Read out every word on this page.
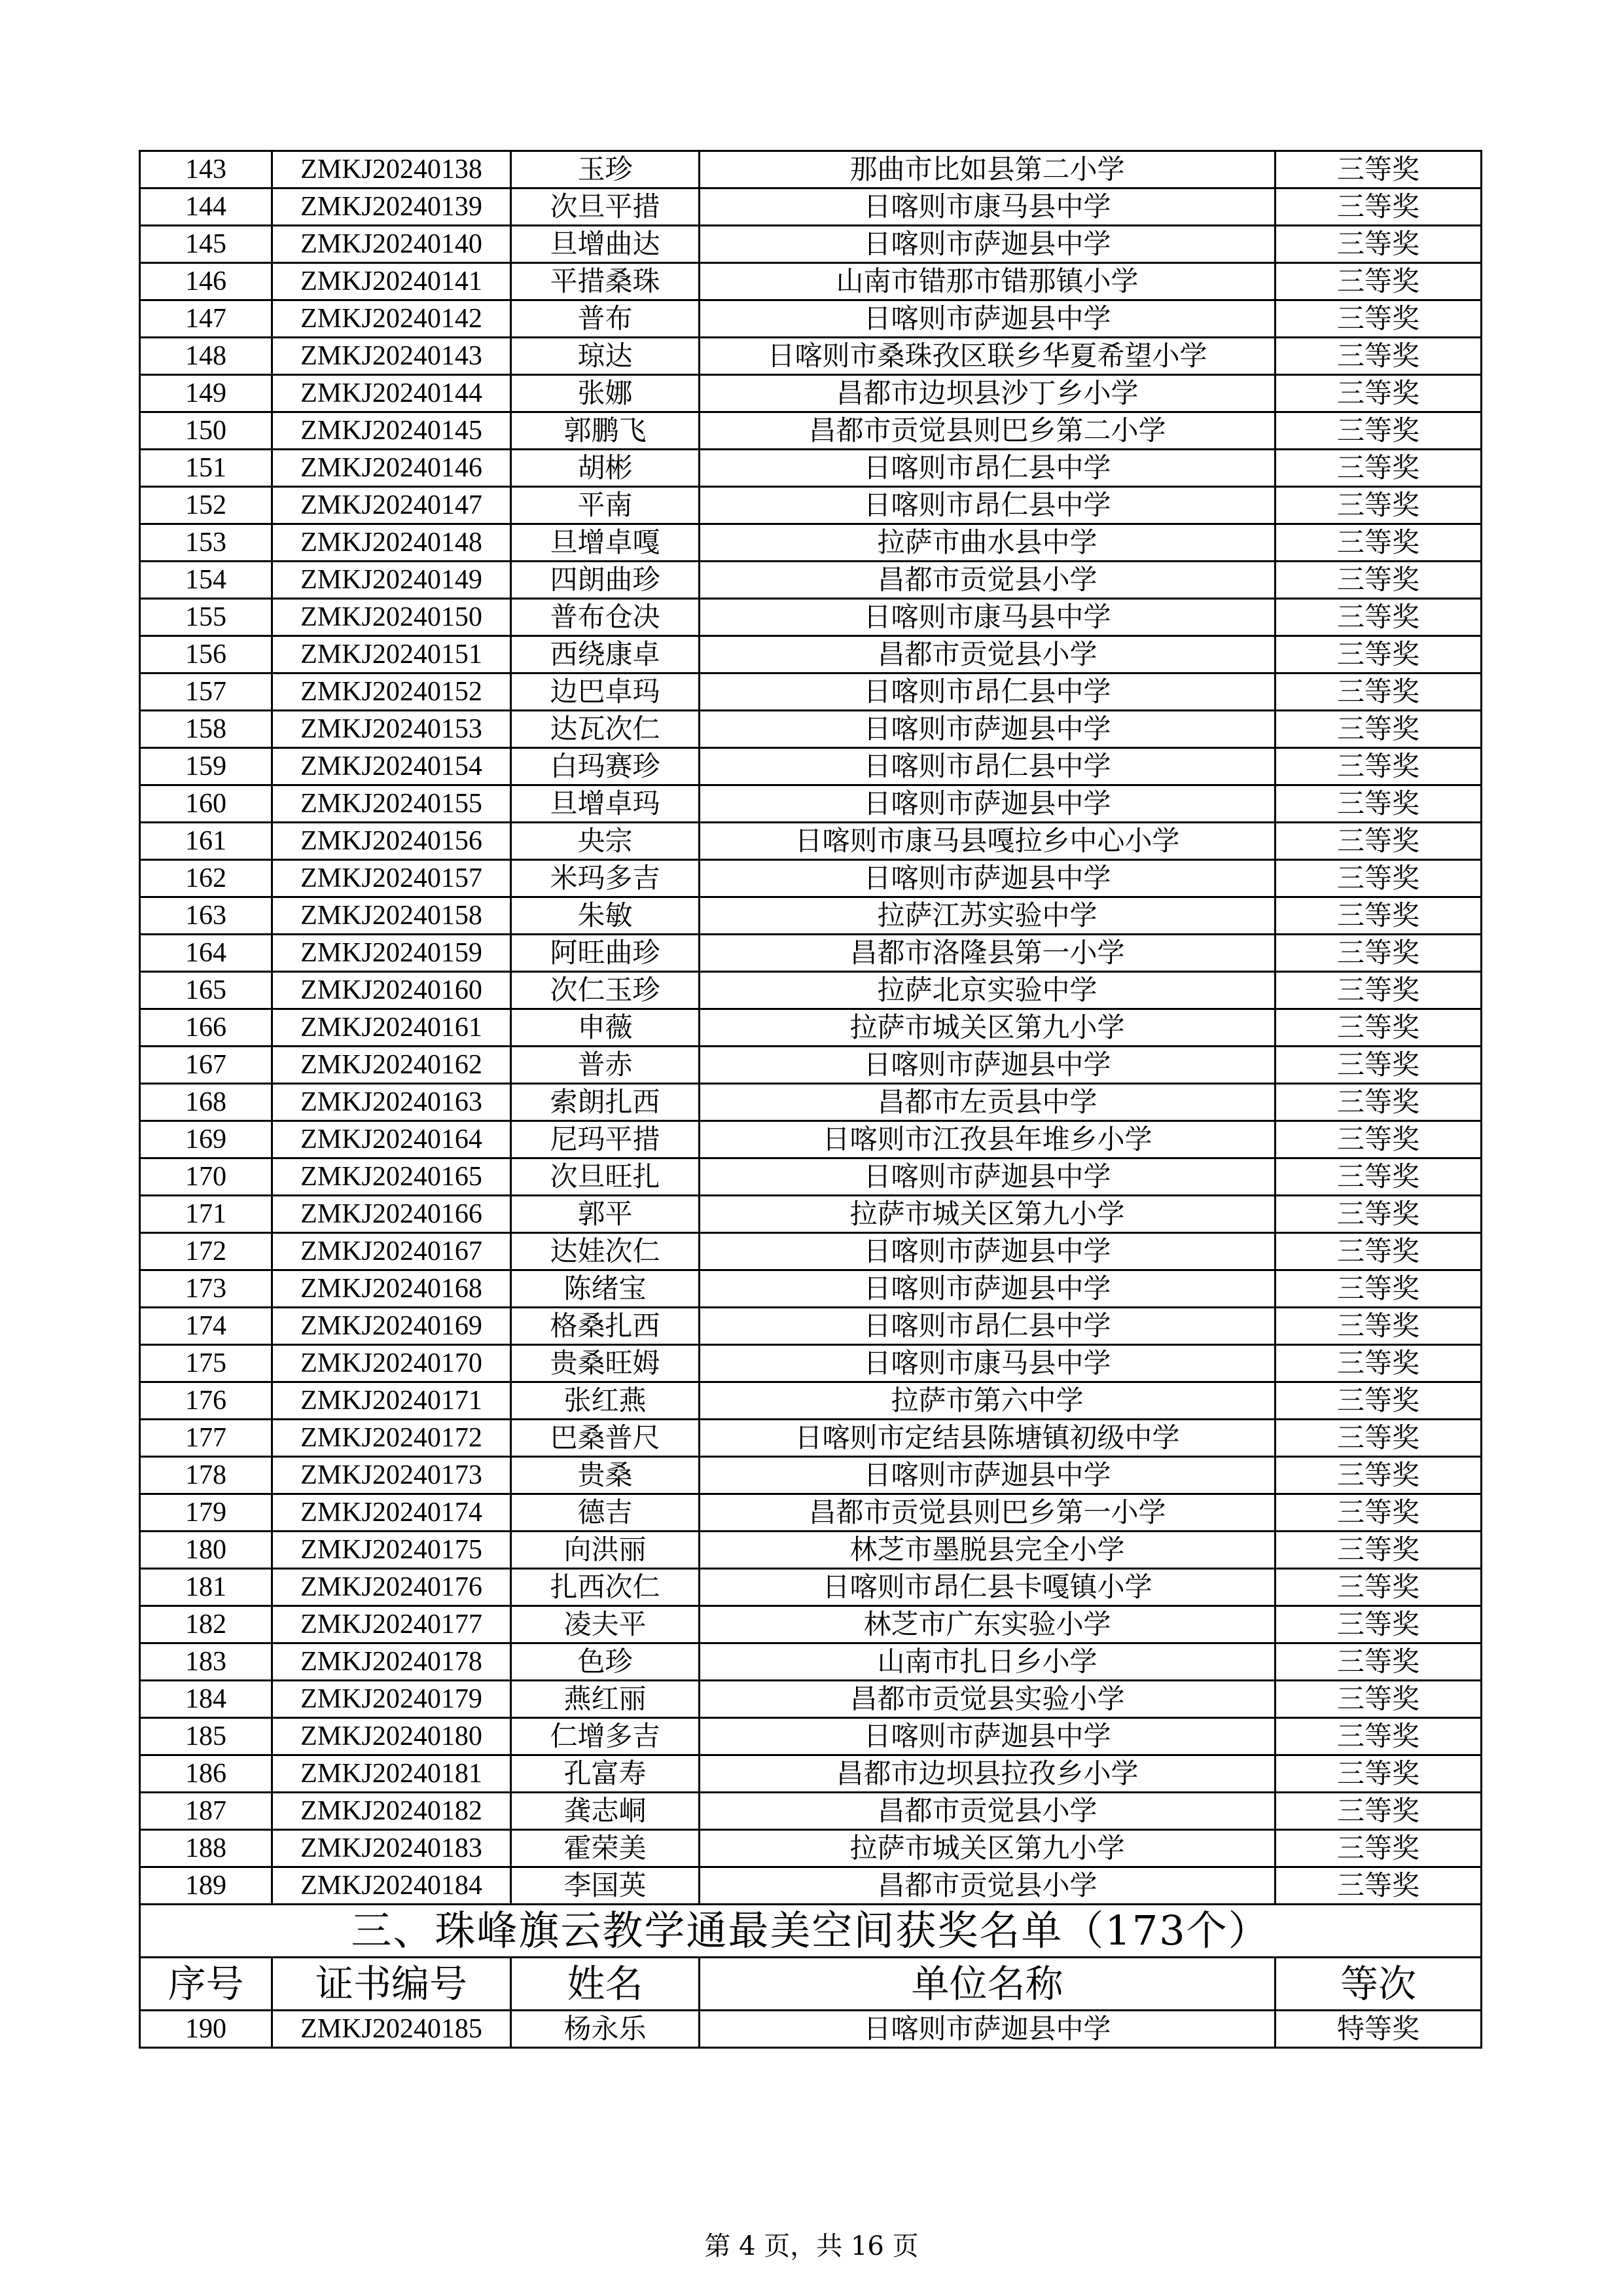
143	ZMKJ20240138	玉珍	那曲市比如县第二小学	三等奖
144	ZMKJ20240139	次旦平措	日喀则市康马县中学	三等奖
145	ZMKJ20240140	旦增曲达	日喀则市萨迦县中学	三等奖
146	ZMKJ20240141	平措桑珠	山南市错那市错那镇小学	三等奖
147	ZMKJ20240142	普布	日喀则市萨迦县中学	三等奖
148	ZMKJ20240143	琼达	日喀则市桑珠孜区联乡华夏希望小学	三等奖
149	ZMKJ20240144	张娜	昌都市边坝县沙丁乡小学	三等奖
150	ZMKJ20240145	郭鹏飞	昌都市贡觉县则巴乡第二小学	三等奖
151	ZMKJ20240146	胡彬	日喀则市昂仁县中学	三等奖
152	ZMKJ20240147	平南	日喀则市昂仁县中学	三等奖
153	ZMKJ20240148	旦增卓嘎	拉萨市曲水县中学	三等奖
154	ZMKJ20240149	四朗曲珍	昌都市贡觉县小学	三等奖
155	ZMKJ20240150	普布仓决	日喀则市康马县中学	三等奖
156	ZMKJ20240151	西绕康卓	昌都市贡觉县小学	三等奖
157	ZMKJ20240152	边巴卓玛	日喀则市昂仁县中学	三等奖
158	ZMKJ20240153	达瓦次仁	日喀则市萨迦县中学	三等奖
159	ZMKJ20240154	白玛赛珍	日喀则市昂仁县中学	三等奖
160	ZMKJ20240155	旦增卓玛	日喀则市萨迦县中学	三等奖
161	ZMKJ20240156	央宗	日喀则市康马县嘎拉乡中心小学	三等奖
162	ZMKJ20240157	米玛多吉	日喀则市萨迦县中学	三等奖
163	ZMKJ20240158	朱敏	拉萨江苏实验中学	三等奖
164	ZMKJ20240159	阿旺曲珍	昌都市洛隆县第一小学	三等奖
165	ZMKJ20240160	次仁玉珍	拉萨北京实验中学	三等奖
166	ZMKJ20240161	申薇	拉萨市城关区第九小学	三等奖
167	ZMKJ20240162	普赤	日喀则市萨迦县中学	三等奖
168	ZMKJ20240163	索朗扎西	昌都市左贡县中学	三等奖
169	ZMKJ20240164	尼玛平措	日喀则市江孜县年堆乡小学	三等奖
170	ZMKJ20240165	次旦旺扎	日喀则市萨迦县中学	三等奖
171	ZMKJ20240166	郭平	拉萨市城关区第九小学	三等奖
172	ZMKJ20240167	达娃次仁	日喀则市萨迦县中学	三等奖
173	ZMKJ20240168	陈绪宝	日喀则市萨迦县中学	三等奖
174	ZMKJ20240169	格桑扎西	日喀则市昂仁县中学	三等奖
175	ZMKJ20240170	贵桑旺姆	日喀则市康马县中学	三等奖
176	ZMKJ20240171	张红燕	拉萨市第六中学	三等奖
177	ZMKJ20240172	巴桑普尺	日喀则市定结县陈塘镇初级中学	三等奖
178	ZMKJ20240173	贵桑	日喀则市萨迦县中学	三等奖
179	ZMKJ20240174	德吉	昌都市贡觉县则巴乡第一小学	三等奖
180	ZMKJ20240175	向洪丽	林芝市墨脱县完全小学	三等奖
181	ZMKJ20240176	扎西次仁	日喀则市昂仁县卡嘎镇小学	三等奖
182	ZMKJ20240177	凌夫平	林芝市广东实验小学	三等奖
183	ZMKJ20240178	色珍	山南市扎日乡小学	三等奖
184	ZMKJ20240179	燕红丽	昌都市贡觉县实验小学	三等奖
185	ZMKJ20240180	仁增多吉	日喀则市萨迦县中学	三等奖
186	ZMKJ20240181	孔富寿	昌都市边坝县拉孜乡小学	三等奖
187	ZMKJ20240182	龚志峒	昌都市贡觉县小学	三等奖
188	ZMKJ20240183	霍荣美	拉萨市城关区第九小学	三等奖
189	ZMKJ20240184	李国英	昌都市贡觉县小学	三等奖
三、珠峰旗云教学通最美空间获奖名单（173个）				
序号	证书编号	姓名	单位名称	等次
190	ZMKJ20240185	杨永乐	日喀则市萨迦县中学	特等奖
第 4 页，共 16 页
